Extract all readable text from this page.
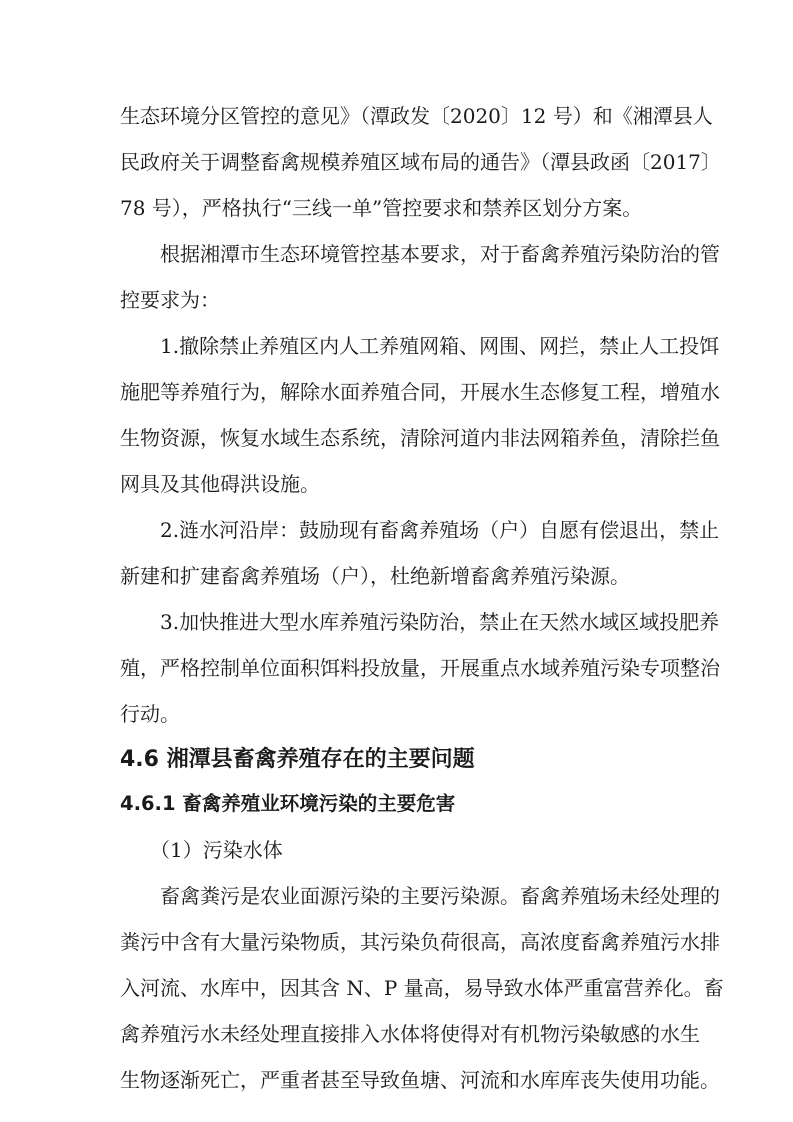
生态环境分区管控的意见》（潭政发〔2020〕12 号）和《湘潭县人
民政府关于调整畜禽规模养殖区域布局的通告》（潭县政函〔2017〕
78 号），严格执行“三线一单”管控要求和禁养区划分方案。
根据湘潭市生态环境管控基本要求，对于畜禽养殖污染防治的管
控要求为：
1.撤除禁止养殖区内人工养殖网箱、网围、网拦，禁止人工投饵
施肥等养殖行为，解除水面养殖合同，开展水生态修复工程，增殖水
生物资源，恢复水域生态系统，清除河道内非法网箱养鱼，清除拦鱼
网具及其他碍洪设施。
2.涟水河沿岸：鼓励现有畜禽养殖场（户）自愿有偿退出，禁止
新建和扩建畜禽养殖场（户），杜绝新增畜禽养殖污染源。
3.加快推进大型水库养殖污染防治，禁止在天然水域区域投肥养
殖，严格控制单位面积饵料投放量，开展重点水域养殖污染专项整治
行动。
4.6 湘潭县畜禽养殖存在的主要问题
4.6.1 畜禽养殖业环境污染的主要危害
（1）污染水体
畜禽粪污是农业面源污染的主要污染源。畜禽养殖场未经处理的
粪污中含有大量污染物质，其污染负荷很高，高浓度畜禽养殖污水排
入河流、水库中，因其含 N、P 量高，易导致水体严重富营养化。畜
禽养殖污水未经处理直接排入水体将使得对有机物污染敏感的水生
生物逐渐死亡，严重者甚至导致鱼塘、河流和水库库丧失使用功能。
